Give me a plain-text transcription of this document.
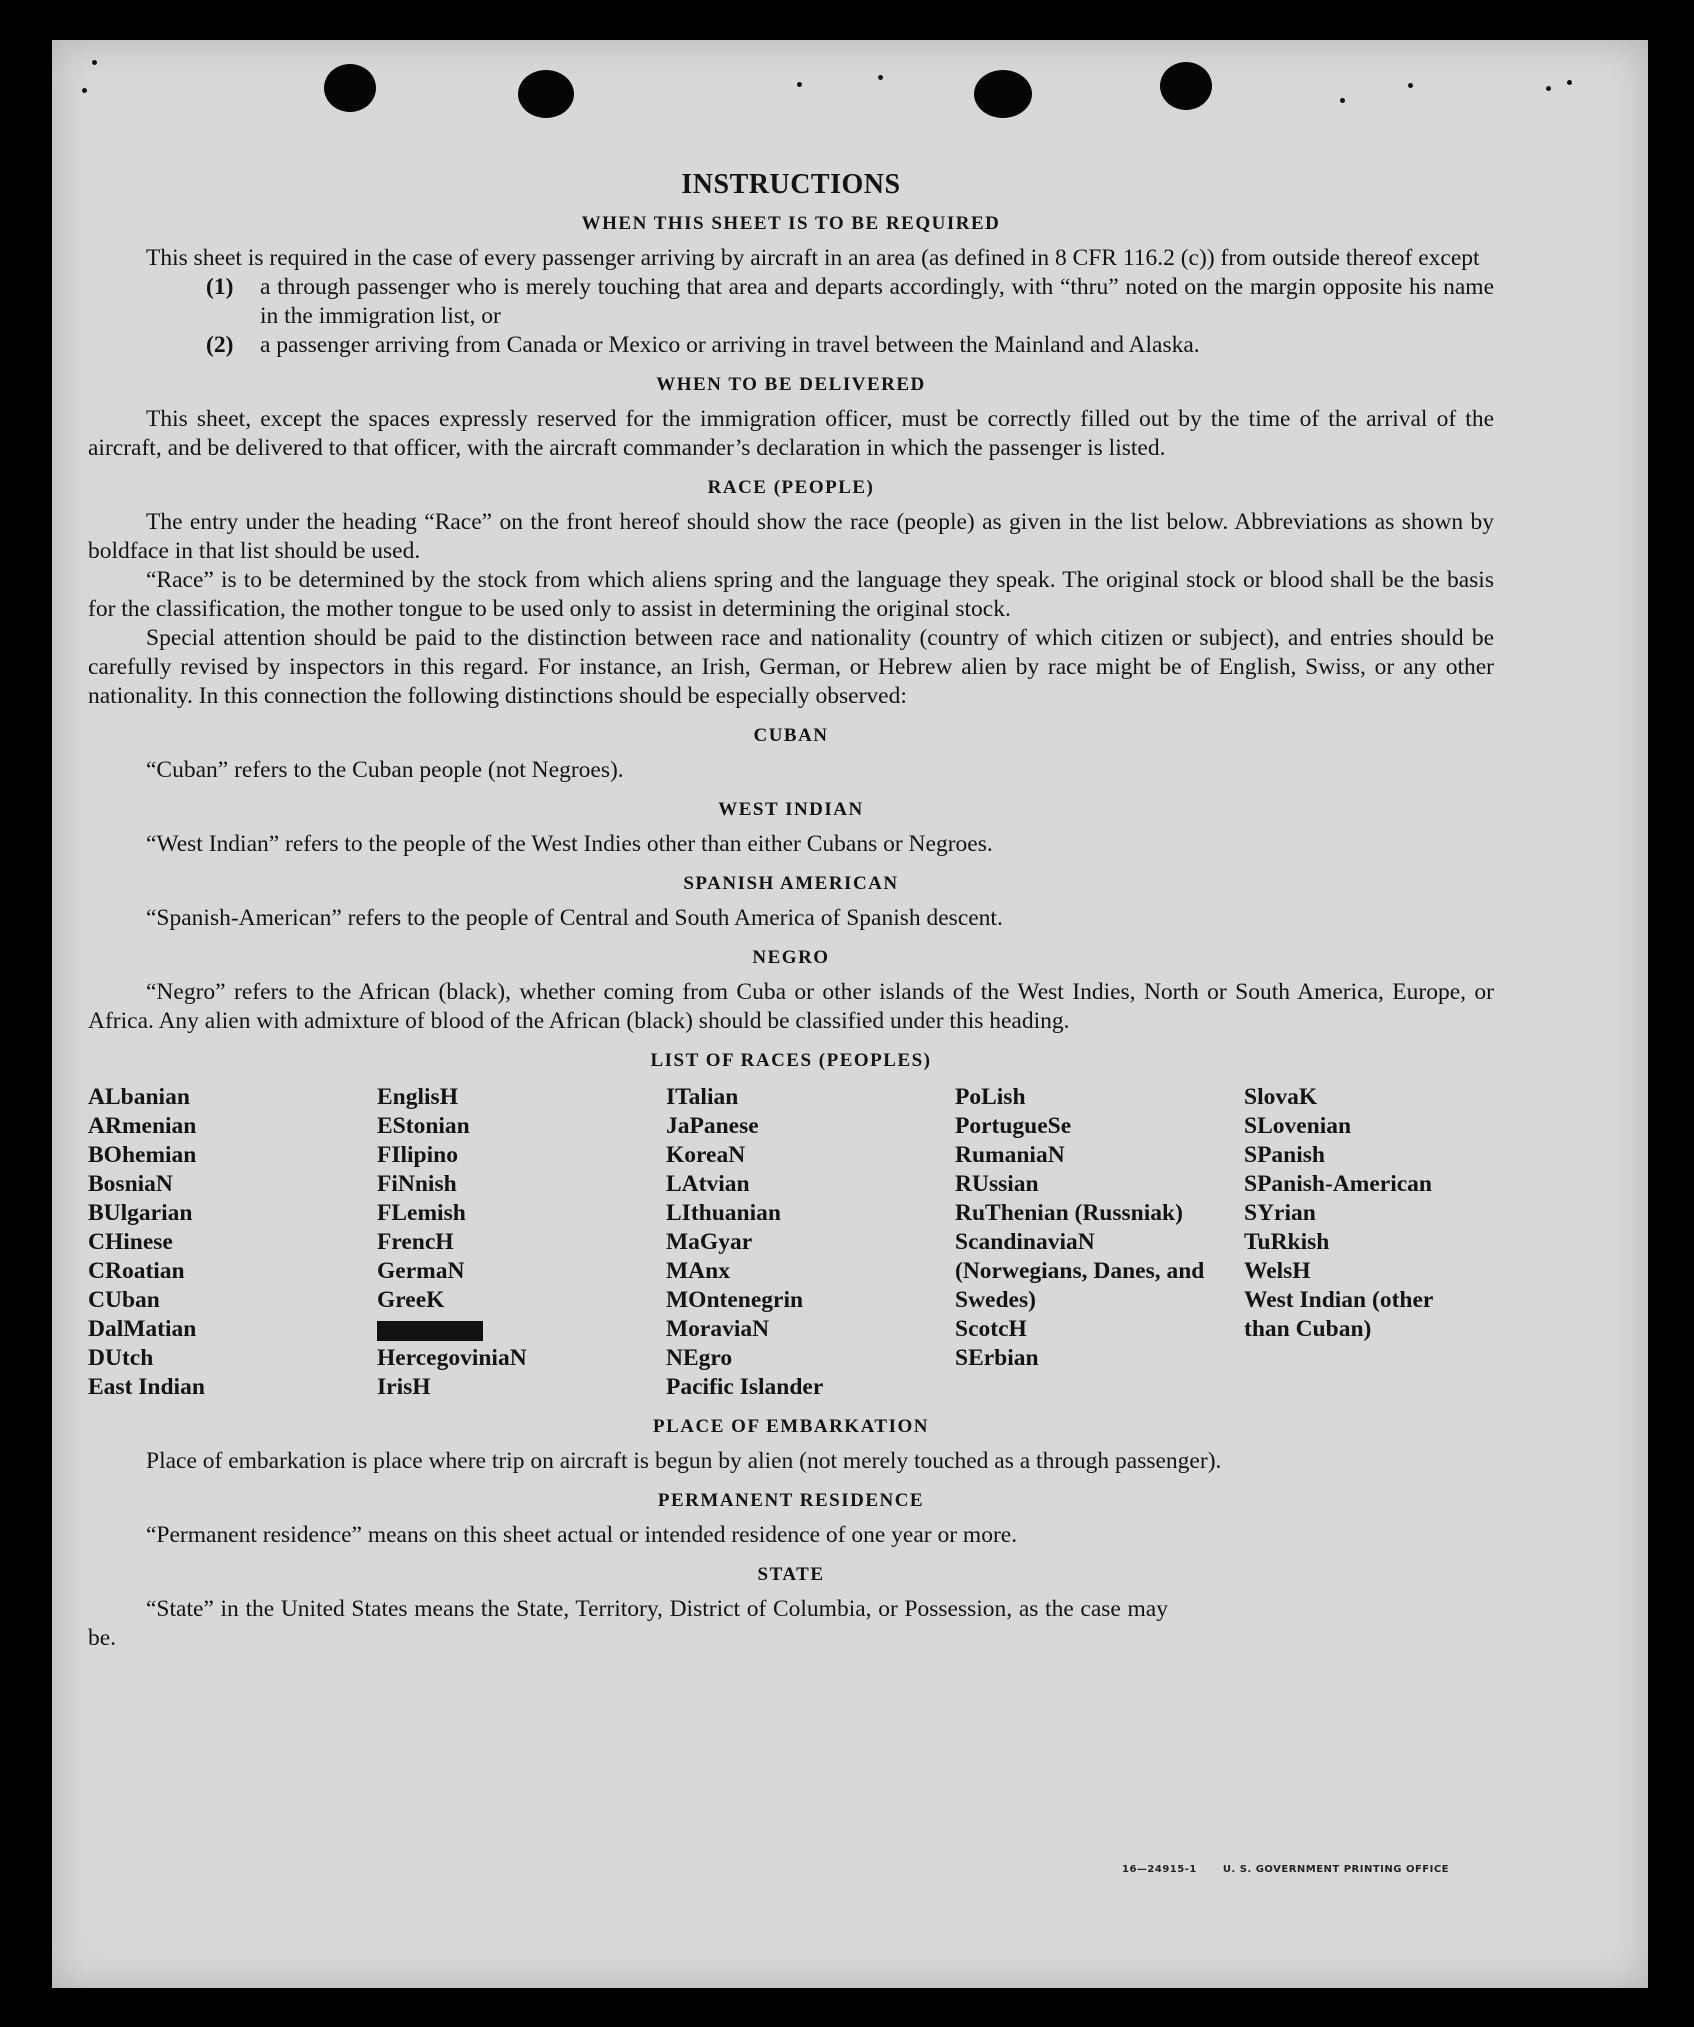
INSTRUCTIONS
WHEN THIS SHEET IS TO BE REQUIRED

This sheet is required in the case of every passenger arriving by aircraft in an area (as defined in 8 CFR 116.2 (c)) from outside thereof except

(1)	a through passenger who is merely touching that area and departs accordingly, with “thru” noted on the margin opposite his name in the immigration list, or
(2)	a passenger arriving from Canada or Mexico or arriving in travel between the Mainland and Alaska.
WHEN TO BE DELIVERED

This sheet, except the spaces expressly reserved for the immigration officer, must be correctly filled out by the time of the arrival of the aircraft, and be delivered to that officer, with the aircraft commander’s declaration in which the passenger is listed.

RACE (PEOPLE)

The entry under the heading “Race” on the front hereof should show the race (people) as given in the list below. Abbreviations as shown by boldface in that list should be used.

“Race” is to be determined by the stock from which aliens spring and the language they speak. The original stock or blood shall be the basis for the classification, the mother tongue to be used only to assist in determining the original stock.

Special attention should be paid to the distinction between race and nationality (country of which citizen or subject), and entries should be carefully revised by inspectors in this regard. For instance, an Irish, German, or Hebrew alien by race might be of English, Swiss, or any other nationality. In this connection the following distinctions should be especially observed:

CUBAN

“Cuban” refers to the Cuban people (not Negroes).

WEST INDIAN

“West Indian” refers to the people of the West Indies other than either Cubans or Negroes.

SPANISH AMERICAN

“Spanish-American” refers to the people of Central and South America of Spanish descent.

NEGRO

“Negro” refers to the African (black), whether coming from Cuba or other islands of the West Indies, North or South America, Europe, or Africa. Any alien with admixture of blood of the African (black) should be classified under this heading.

LIST OF RACES (PEOPLES)
ALbanian
ARmenian
BOhemian
BosniaN
BUlgarian
CHinese
CRoatian
CUban
DalMatian
DUtch
East Indian
EnglisH
EStonian
FIlipino
FiNnish
FLemish
FrencH
GermaN
GreeK
HercegoviniaN
IrisH
ITalian
JaPanese
KoreaN
LAtvian
LIthuanian
MaGyar
MAnx
MOntenegrin
MoraviaN
NEgro
Pacific Islander
PoLish
PortugueSe
RumaniaN
RUssian
RuThenian (Russniak)
ScandinaviaN (Norwegians, Danes, and Swedes)
ScotcH
SErbian
SlovaK
SLovenian
SPanish
SPanish-American
SYrian
TuRkish
WelsH
West Indian (other than Cuban)
PLACE OF EMBARKATION

Place of embarkation is place where trip on aircraft is begun by alien (not merely touched as a through passenger).

PERMANENT RESIDENCE

“Permanent residence” means on this sheet actual or intended residence of one year or more.

STATE

“State” in the United States means the State, Territory, District of Columbia, or Possession, as the case may be.

16—24915-1	U. S. GOVERNMENT PRINTING OFFICE
